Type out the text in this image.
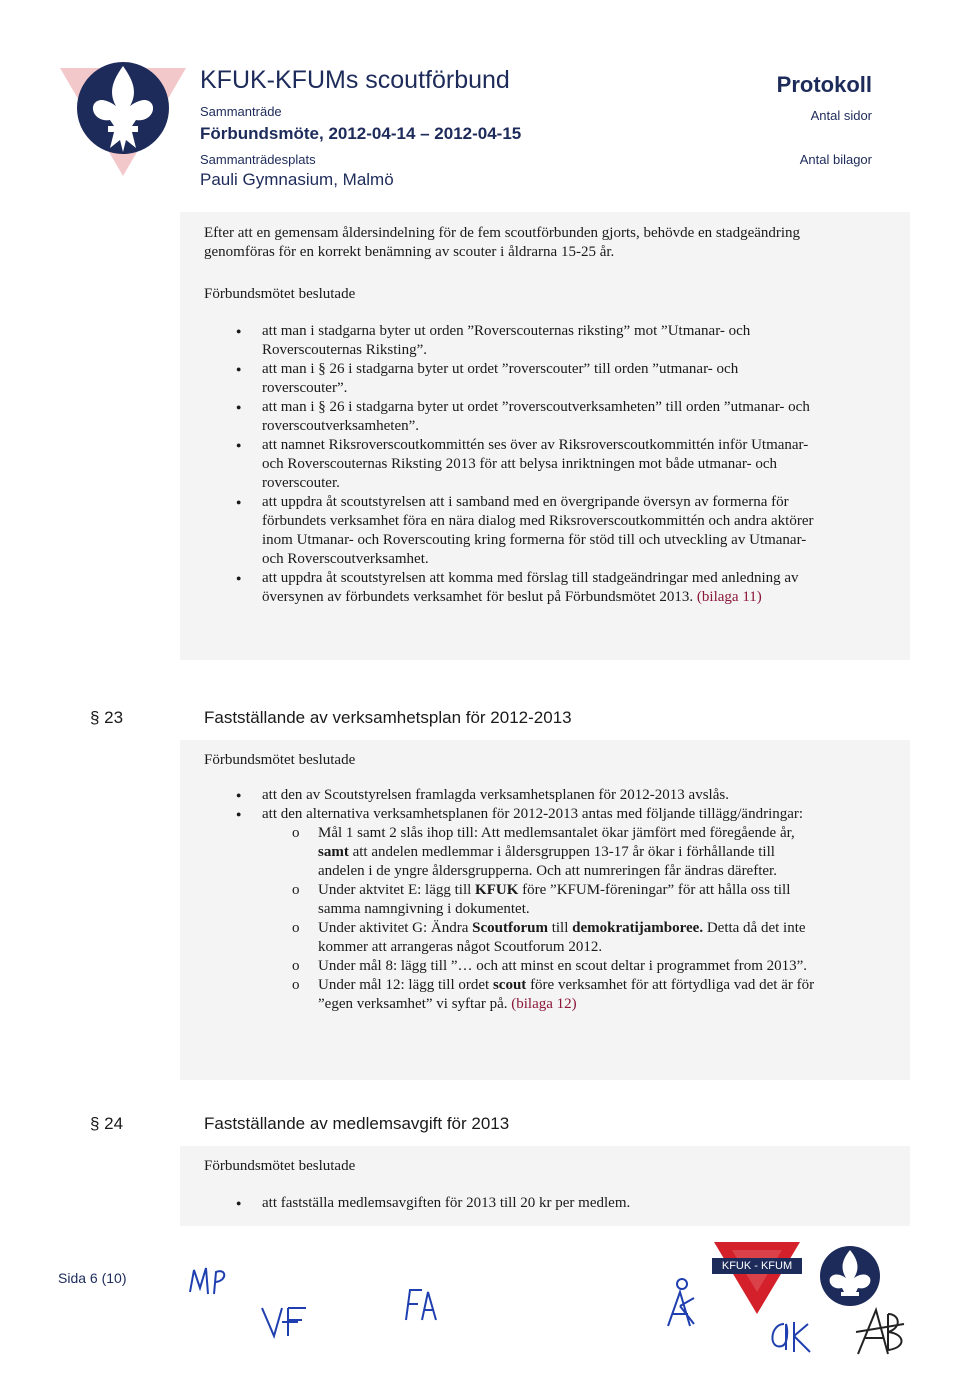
KFUK-KFUMs scoutförbund
Sammanträde
Förbundsmöte, 2012-04-14 – 2012-04-15
Sammanträdesplats
Pauli Gymnasium, Malmö
Protokoll
Antal sidor
Antal bilagor

Efter att en gemensam åldersindelning för de fem scoutförbunden gjorts, behövde en stadgeändring genomföras för en korrekt benämning av scouter i åldrarna 15-25 år.

Förbundsmötet beslutade
● att man i stadgarna byter ut orden ”Roverscouternas riksting” mot ”Utmanar- och Roverscouternas Riksting”.
● att man i § 26 i stadgarna byter ut ordet ”roverscouter” till orden ”utmanar- och roverscouter”.
● att man i § 26 i stadgarna byter ut ordet ”roverscoutverksamheten” till orden ”utmanar- och roverscoutverksamheten”.
● att namnet Riksroverscoutkommittén ses över av Riksroverscoutkommittén inför Utmanar- och Roverscouternas Riksting 2013 för att belysa inriktningen mot både utmanar- och roverscouter.
● att uppdra åt scoutstyrelsen att i samband med en övergripande översyn av formerna för förbundets verksamhet föra en nära dialog med Riksroverscoutkommittén och andra aktörer inom Utmanar- och Roverscouting kring formerna för stöd till och utveckling av Utmanar- och Roverscoutverksamhet.
● att uppdra åt scoutstyrelsen att komma med förslag till stadgeändringar med anledning av översynen av förbundets verksamhet för beslut på Förbundsmötet 2013. (bilaga 11)
§ 23	Fastställande av verksamhetsplan för 2012-2013
Förbundsmötet beslutade
● att den av Scoutstyrelsen framlagda verksamhetsplanen för 2012-2013 avslås.
● att den alternativa verksamhetsplanen för 2012-2013 antas med följande tillägg/ändringar:
o Mål 1 samt 2 slås ihop till: Att medlemsantalet ökar jämfört med föregående år, samt att andelen medlemmar i åldersgruppen 13-17 år ökar i förhållande till andelen i de yngre åldersgrupperna. Och att numreringen får ändras därefter.
o Under aktvitet E: lägg till KFUK före ”KFUM-föreningar” för att hålla oss till samma namngivning i dokumentet.
o Under aktivitet G: Ändra Scoutforum till demokratijamboree. Detta då det inte kommer att arrangeras något Scoutforum 2012.
o Under mål 8: lägg till ”… och att minst en scout deltar i programmet from 2013”.
o Under mål 12: lägg till ordet scout före verksamhet för att förtydliga vad det är för ”egen verksamhet” vi syftar på. (bilaga 12)
§ 24	Fastställande av medlemsavgift för 2013
Förbundsmötet beslutade
● att fastställa medlemsavgiften för 2013 till 20 kr per medlem.
Sida 6 (10)
KFUK - KFUM
